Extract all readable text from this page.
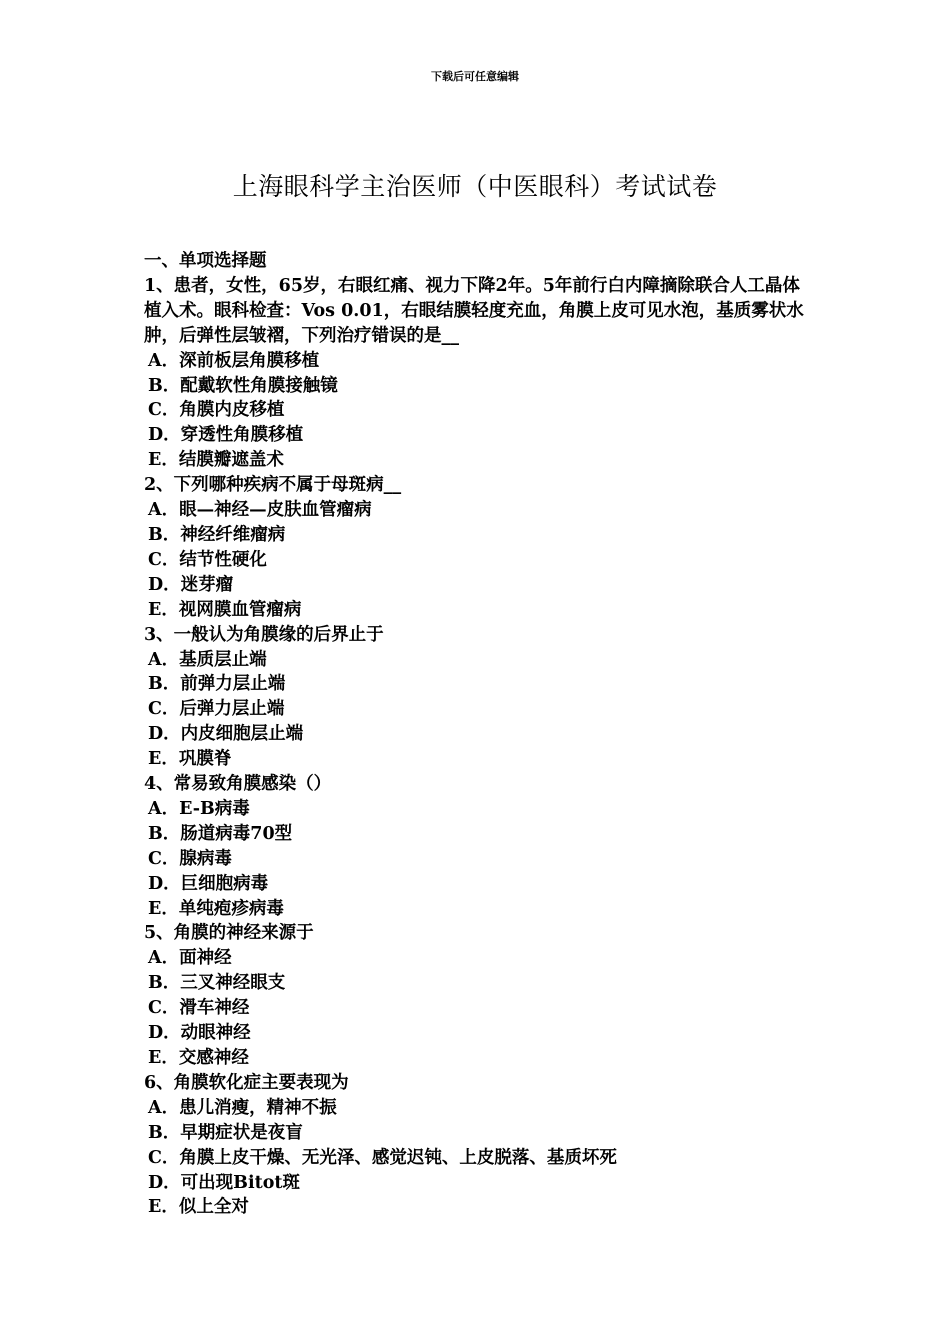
下载后可任意编辑
上海眼科学主治医师（中医眼科）考试试卷

一、单项选择题

1、患者，女性，65岁，右眼红痛、视力下降2年。5年前行白内障摘除联合人工晶体植入术。眼科检查：Vos 0.01，右眼结膜轻度充血，角膜上皮可见水泡，基质雾状水肿，后弹性层皱褶，下列治疗错误的是__

A．深前板层角膜移植

B．配戴软性角膜接触镜

C．角膜内皮移植

D．穿透性角膜移植

E．结膜瓣遮盖术

2、下列哪种疾病不属于母斑病__

A．眼—神经—皮肤血管瘤病

B．神经纤维瘤病

C．结节性硬化

D．迷芽瘤

E．视网膜血管瘤病

3、一般认为角膜缘的后界止于

A．基质层止端

B．前弹力层止端

C．后弹力层止端

D．内皮细胞层止端

E．巩膜脊

4、常易致角膜感染（）

A．E-B病毒

B．肠道病毒70型

C．腺病毒

D．巨细胞病毒

E．单纯疱疹病毒

5、角膜的神经来源于

A．面神经

B．三叉神经眼支

C．滑车神经

D．动眼神经

E．交感神经

6、角膜软化症主要表现为

A．患儿消瘦，精神不振

B．早期症状是夜盲

C．角膜上皮干燥、无光泽、感觉迟钝、上皮脱落、基质坏死

D．可出现Bitot斑

E．似上全对
